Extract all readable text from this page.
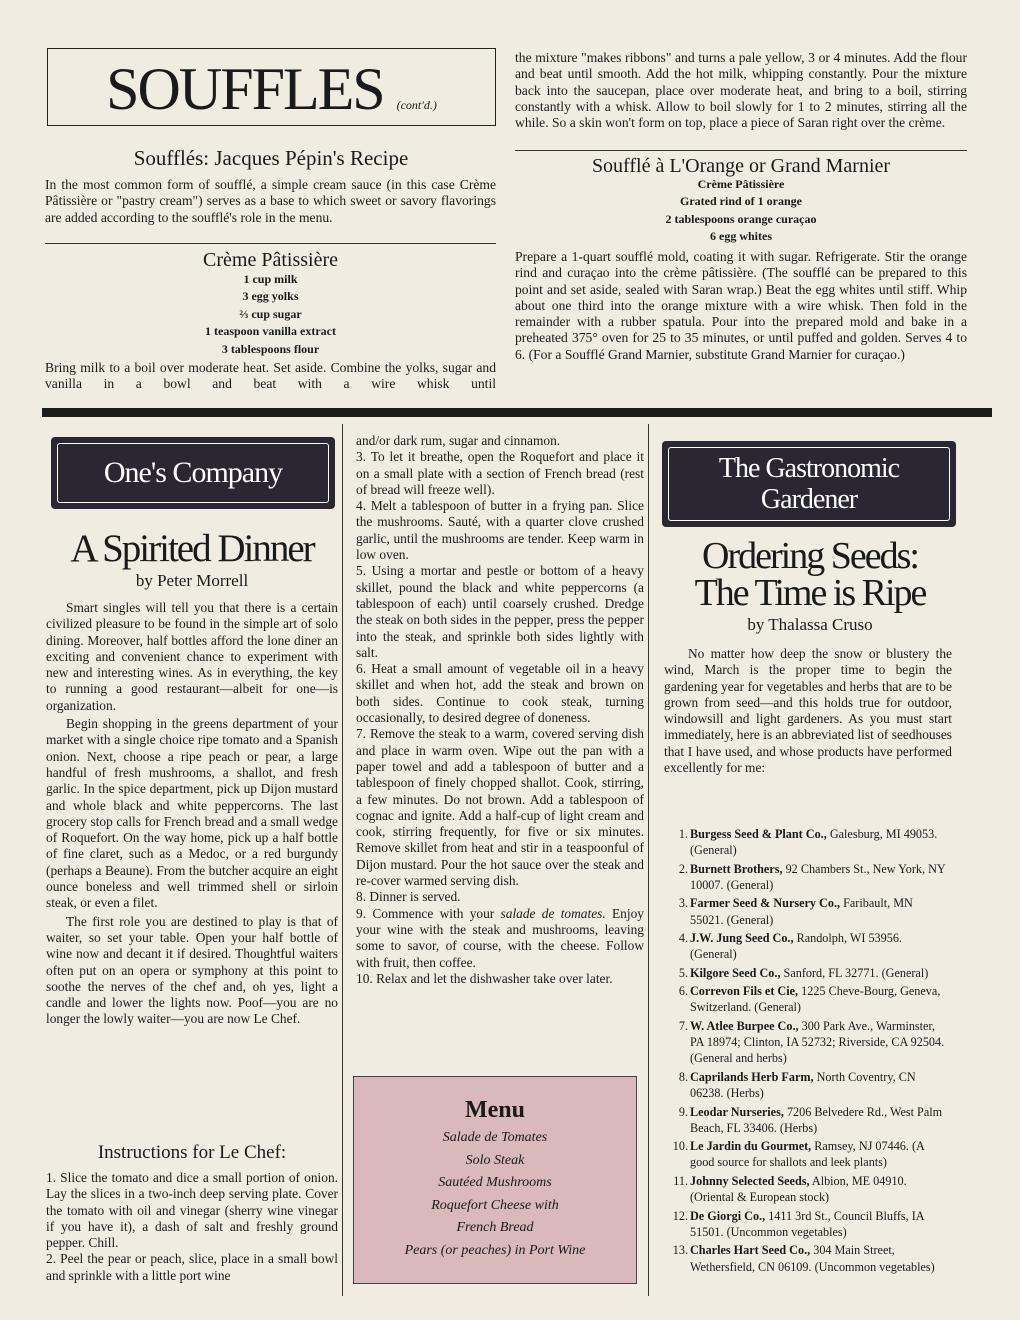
SOUFFLES (cont'd.)
Soufflés: Jacques Pépin's Recipe

In the most common form of soufflé, a simple cream sauce (in this case Crème Pâtissière or "pastry cream") serves as a base to which sweet or savory flavorings are added according to the soufflé's role in the menu.

Crème Pâtissière
1 cup milk
3 egg yolks
⅔ cup sugar
1 teaspoon vanilla extract
3 tablespoons flour

Bring milk to a boil over moderate heat. Set aside. Combine the yolks, sugar and vanilla in a bowl and beat with a wire whisk until

the mixture "makes ribbons" and turns a pale yellow, 3 or 4 minutes. Add the flour and beat until smooth. Add the hot milk, whipping constantly. Pour the mixture back into the saucepan, place over moderate heat, and bring to a boil, stirring constantly with a whisk. Allow to boil slowly for 1 to 2 minutes, stirring all the while. So a skin won't form on top, place a piece of Saran right over the crème.

Soufflé à L'Orange or Grand Marnier
Crème Pâtissière
Grated rind of 1 orange
2 tablespoons orange curaçao
6 egg whites

Prepare a 1-quart soufflé mold, coating it with sugar. Refrigerate. Stir the orange rind and curaçao into the crème pâtissière. (The soufflé can be prepared to this point and set aside, sealed with Saran wrap.) Beat the egg whites until stiff. Whip about one third into the orange mixture with a wire whisk. Then fold in the remainder with a rubber spatula. Pour into the prepared mold and bake in a preheated 375° oven for 25 to 35 minutes, or until puffed and golden. Serves 4 to 6. (For a Soufflé Grand Marnier, substitute Grand Marnier for curaçao.)

One's Company
A Spirited Dinner
by Peter Morrell

Smart singles will tell you that there is a certain civilized pleasure to be found in the simple art of solo dining. Moreover, half bottles afford the lone diner an exciting and convenient chance to experiment with new and interesting wines. As in everything, the key to running a good restaurant—albeit for one—is organization.

Begin shopping in the greens department of your market with a single choice ripe tomato and a Spanish onion. Next, choose a ripe peach or pear, a large handful of fresh mushrooms, a shallot, and fresh garlic. In the spice department, pick up Dijon mustard and whole black and white peppercorns. The last grocery stop calls for French bread and a small wedge of Roquefort. On the way home, pick up a half bottle of fine claret, such as a Medoc, or a red burgundy (perhaps a Beaune). From the butcher acquire an eight ounce boneless and well trimmed shell or sirloin steak, or even a filet.

The first role you are destined to play is that of waiter, so set your table. Open your half bottle of wine now and decant it if desired. Thoughtful waiters often put on an opera or symphony at this point to soothe the nerves of the chef and, oh yes, light a candle and lower the lights now. Poof—you are no longer the lowly waiter—you are now Le Chef.

Instructions for Le Chef:

1. Slice the tomato and dice a small portion of onion. Lay the slices in a two-inch deep serving plate. Cover the tomato with oil and vinegar (sherry wine vinegar if you have it), a dash of salt and freshly ground pepper. Chill.

2. Peel the pear or peach, slice, place in a small bowl and sprinkle with a little port wine

and/or dark rum, sugar and cinnamon.

3. To let it breathe, open the Roquefort and place it on a small plate with a section of French bread (rest of bread will freeze well).

4. Melt a tablespoon of butter in a frying pan. Slice the mushrooms. Sauté, with a quarter clove crushed garlic, until the mushrooms are tender. Keep warm in low oven.

5. Using a mortar and pestle or bottom of a heavy skillet, pound the black and white peppercorns (a tablespoon of each) until coarsely crushed. Dredge the steak on both sides in the pepper, press the pepper into the steak, and sprinkle both sides lightly with salt.

6. Heat a small amount of vegetable oil in a heavy skillet and when hot, add the steak and brown on both sides. Continue to cook steak, turning occasionally, to desired degree of doneness.

7. Remove the steak to a warm, covered serving dish and place in warm oven. Wipe out the pan with a paper towel and add a tablespoon of butter and a tablespoon of finely chopped shallot. Cook, stirring, a few minutes. Do not brown. Add a tablespoon of cognac and ignite. Add a half-cup of light cream and cook, stirring frequently, for five or six minutes. Remove skillet from heat and stir in a teaspoonful of Dijon mustard. Pour the hot sauce over the steak and re-cover warmed serving dish.

8. Dinner is served.

9. Commence with your salade de tomates. Enjoy your wine with the steak and mushrooms, leaving some to savor, of course, with the cheese. Follow with fruit, then coffee.

10. Relax and let the dishwasher take over later.

Menu
Salade de Tomates
Solo Steak
Sautéed Mushrooms
Roquefort Cheese with
French Bread
Pears (or peaches) in Port Wine
The Gastronomic
Gardener
Ordering Seeds:
The Time is Ripe
by Thalassa Cruso

No matter how deep the snow or blustery the wind, March is the proper time to begin the gardening year for vegetables and herbs that are to be grown from seed—and this holds true for outdoor, windowsill and light gardeners. As you must start immediately, here is an abbreviated list of seedhouses that I have used, and whose products have performed excellently for me:

1. Burgess Seed & Plant Co., Galesburg, MI 49053. (General)
2. Burnett Brothers, 92 Chambers St., New York, NY 10007. (General)
3. Farmer Seed & Nursery Co., Faribault, MN 55021. (General)
4. J.W. Jung Seed Co., Randolph, WI 53956. (General)
5. Kilgore Seed Co., Sanford, FL 32771. (General)
6. Correvon Fils et Cie, 1225 Cheve-Bourg, Geneva, Switzerland. (General)
7. W. Atlee Burpee Co., 300 Park Ave., Warminster, PA 18974; Clinton, IA 52732; Riverside, CA 92504. (General and herbs)
8. Caprilands Herb Farm, North Coventry, CN 06238. (Herbs)
9. Leodar Nurseries, 7206 Belvedere Rd., West Palm Beach, FL 33406. (Herbs)
10. Le Jardin du Gourmet, Ramsey, NJ 07446. (A good source for shallots and leek plants)
11. Johnny Selected Seeds, Albion, ME 04910. (Oriental & European stock)
12. De Giorgi Co., 1411 3rd St., Council Bluffs, IA 51501. (Uncommon vegetables)
13. Charles Hart Seed Co., 304 Main Street, Wethersfield, CN 06109. (Uncommon vegetables)
